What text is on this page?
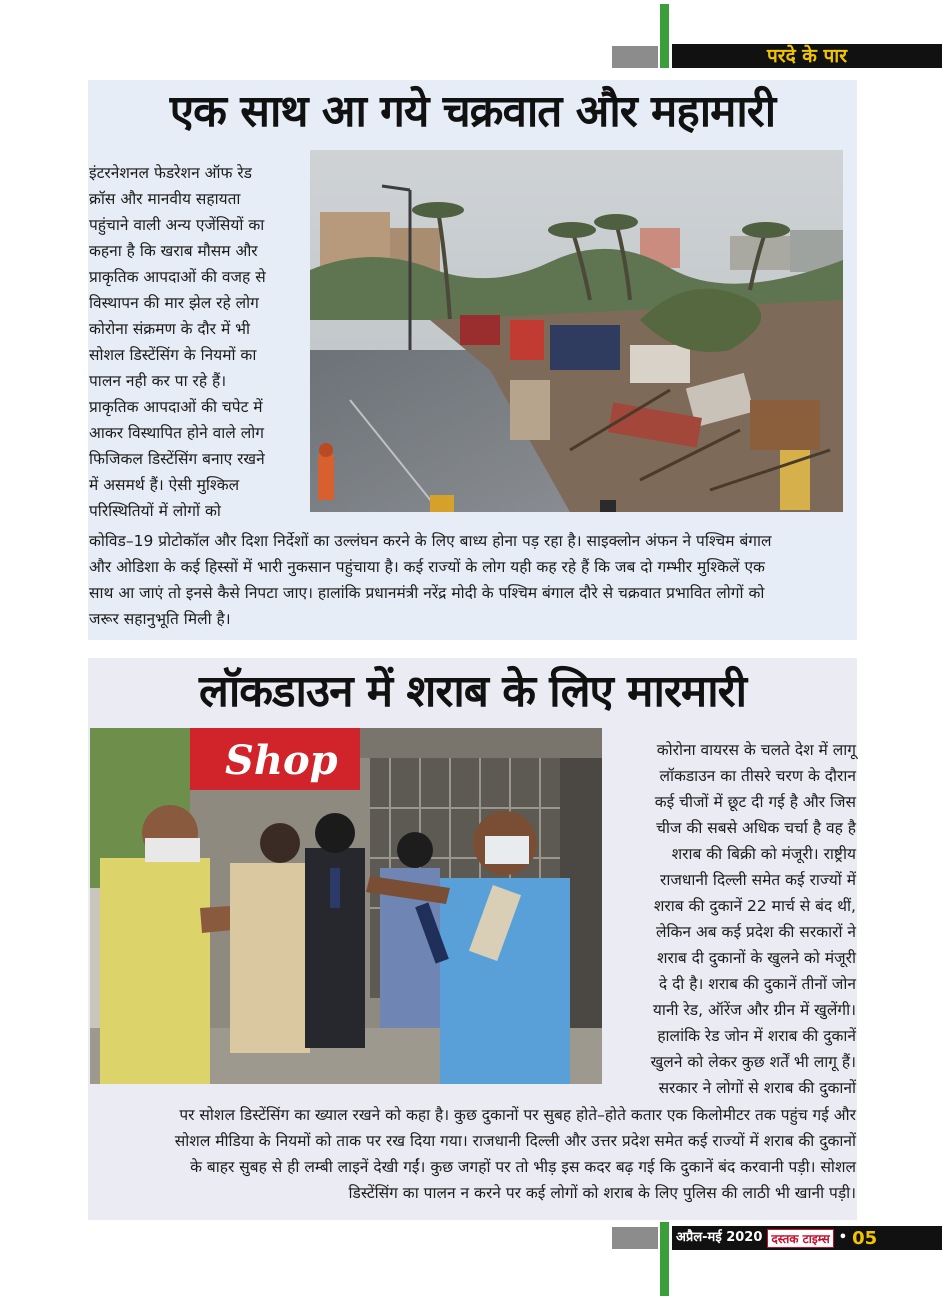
परदे के पार
एक साथ आ गये चक्रवात और महामारी
इंटरनेशनल फेडरेशन ऑफ रेड
क्रॉस और मानवीय सहायता
पहुंचाने वाली अन्य एजेंसियों का
कहना है कि खराब मौसम और
प्राकृतिक आपदाओं की वजह से
विस्थापन की मार झेल रहे लोग
कोरोना संक्रमण के दौर में भी
सोशल डिस्टेंसिंग के नियमों का
पालन नही कर पा रहे हैं।
प्राकृतिक आपदाओं की चपेट में
आकर विस्थापित होने वाले लोग
फिजिकल डिस्टेंसिंग बनाए रखने
में असमर्थ हैं। ऐसी मुश्किल
परिस्थितियों में लोगों को
कोविड–19 प्रोटोकॉल और दिशा निर्देशों का उल्लंघन करने के लिए बाध्य होना पड़ रहा है। साइक्लोन अंफन ने पश्चिम बंगाल
और ओडिशा के कई हिस्सों में भारी नुकसान पहुंचाया है। कई राज्यों के लोग यही कह रहे हैं कि जब दो गम्भीर मुश्किलें एक
साथ आ जाएं तो इनसे कैसे निपटा जाए। हालांकि प्रधानमंत्री नरेंद्र मोदी के पश्चिम बंगाल दौरे से चक्रवात प्रभावित लोगों को
जरूर सहानुभूति मिली है।
लॉकडाउन में शराब के लिए मारमारी
Shop	कोरोना वायरस के चलते देश में लागू
लॉकडाउन का तीसरे चरण के दौरान
कई चीजों में छूट दी गई है और जिस
चीज की सबसे अधिक चर्चा है वह है
शराब की बिक्री को मंजूरी। राष्ट्रीय
राजधानी दिल्ली समेत कई राज्यों में
शराब की दुकानें 22 मार्च से बंद थीं,
लेकिन अब कई प्रदेश की सरकारों ने
शराब दी दुकानों के खुलने को मंजूरी
दे दी है। शराब की दुकानें तीनों जोन
यानी रेड, ऑरेंज और ग्रीन में खुलेंगी।
हालांकि रेड जोन में शराब की दुकानें
खुलने को लेकर कुछ शर्तें भी लागू हैं।
सरकार ने लोगों से शराब की दुकानों
पर सोशल डिस्टेंसिंग का ख्याल रखने को कहा है। कुछ दुकानों पर सुबह होते–होते कतार एक किलोमीटर तक पहुंच गई और
सोशल मीडिया के नियमों को ताक पर रख दिया गया। राजधानी दिल्ली और उत्तर प्रदेश समेत कई राज्यों में शराब की दुकानों
के बाहर सुबह से ही लम्बी लाइनें देखी गईं। कुछ जगहों पर तो भीड़ इस कदर बढ़ गई कि दुकानें बंद करवानी पड़ी। सोशल
डिस्टेंसिंग का पालन न करने पर कई लोगों को शराब के लिए पुलिस की लाठी भी खानी पड़ी।
अप्रैल-मई 2020 दस्तक टाइम्स • 05
